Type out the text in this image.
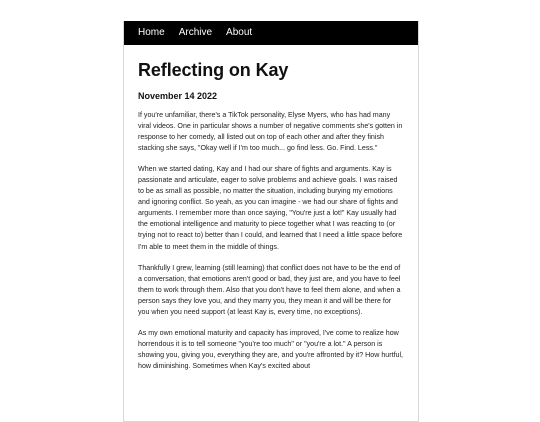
Home Archive About
Reflecting on Kay
November 14 2022

If you're unfamiliar, there's a TikTok personality, Elyse Myers, who has had many viral videos. One in particular shows a number of negative comments she's gotten in response to her comedy, all listed out on top of each other and after they finish stacking she says, "Okay well if I'm too much... go find less. Go. Find. Less."

When we started dating, Kay and I had our share of fights and arguments. Kay is passionate and articulate, eager to solve problems and achieve goals. I was raised to be as small as possible, no matter the situation, including burying my emotions and ignoring conflict. So yeah, as you can imagine - we had our share of fights and arguments. I remember more than once saying, "You're just a lot!" Kay usually had the emotional intelligence and maturity to piece together what I was reacting to (or trying not to react to) better than I could, and learned that I need a little space before I'm able to meet them in the middle of things.

Thankfully I grew, learning (still learning) that conflict does not have to be the end of a conversation, that emotions aren't good or bad, they just are, and you have to feel them to work through them. Also that you don't have to feel them alone, and when a person says they love you, and they marry you, they mean it and will be there for you when you need support (at least Kay is, every time, no exceptions).

As my own emotional maturity and capacity has improved, I've come to realize how horrendous it is to tell someone "you're too much" or "you're a lot." A person is showing you, giving you, everything they are, and you're affronted by it? How hurtful, how diminishing. Sometimes when Kay's excited about
